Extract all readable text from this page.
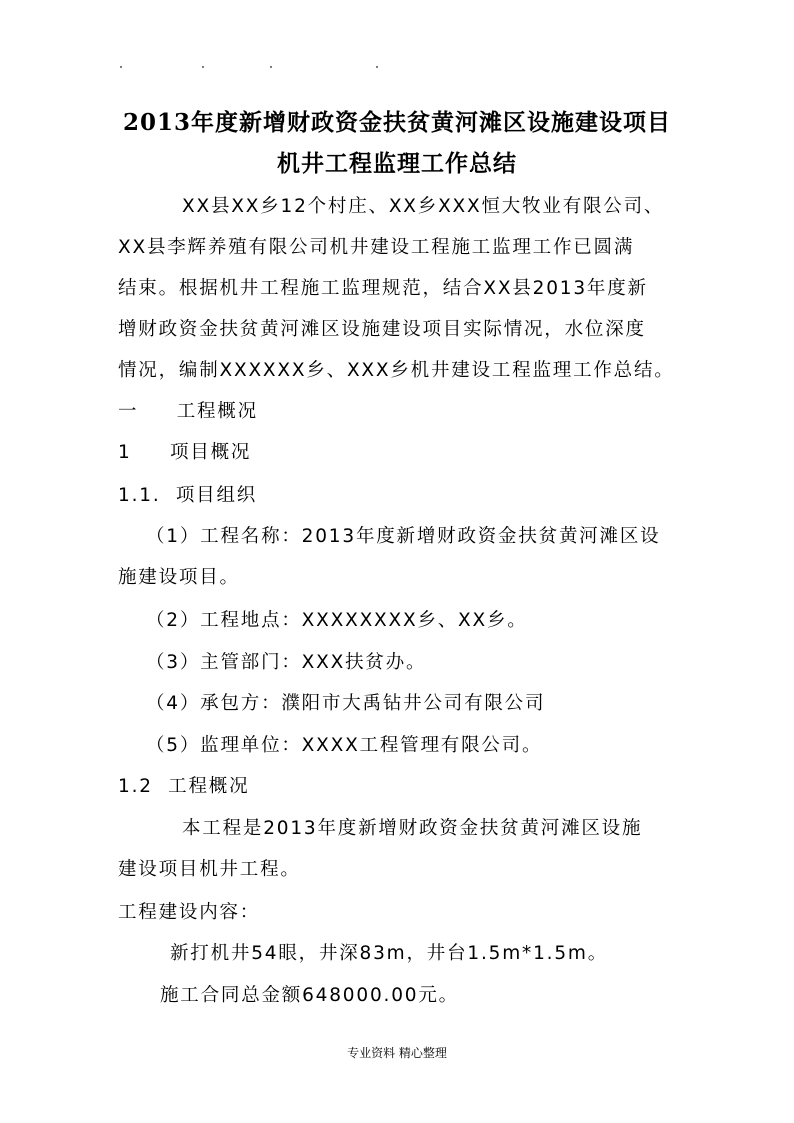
2013年度新增财政资金扶贫黄河滩区设施建设项目
机井工程监理工作总结
XX县XX乡12个村庄、XX乡XXX恒大牧业有限公司、
XX县李辉养殖有限公司机井建设工程施工监理工作已圆满
结束。根据机井工程施工监理规范，结合XX县2013年度新
增财政资金扶贫黄河滩区设施建设项目实际情况，水位深度
情况，编制XXXXXX乡、XXX乡机井建设工程监理工作总结。
一     工程概况
1     项目概况
1.1.  项目组织
（1）工程名称：2013年度新增财政资金扶贫黄河滩区设
施建设项目。
（2）工程地点：XXXXXXXX乡、XX乡。
（3）主管部门：XXX扶贫办。
（4）承包方：濮阳市大禹钻井公司有限公司
（5）监理单位：XXXX工程管理有限公司。
1.2  工程概况
本工程是2013年度新增财政资金扶贫黄河滩区设施
建设项目机井工程。
工程建设内容：
新打机井54眼，井深83m，井台1.5m*1.5m。
施工合同总金额648000.00元。
专业资料 精心整理
